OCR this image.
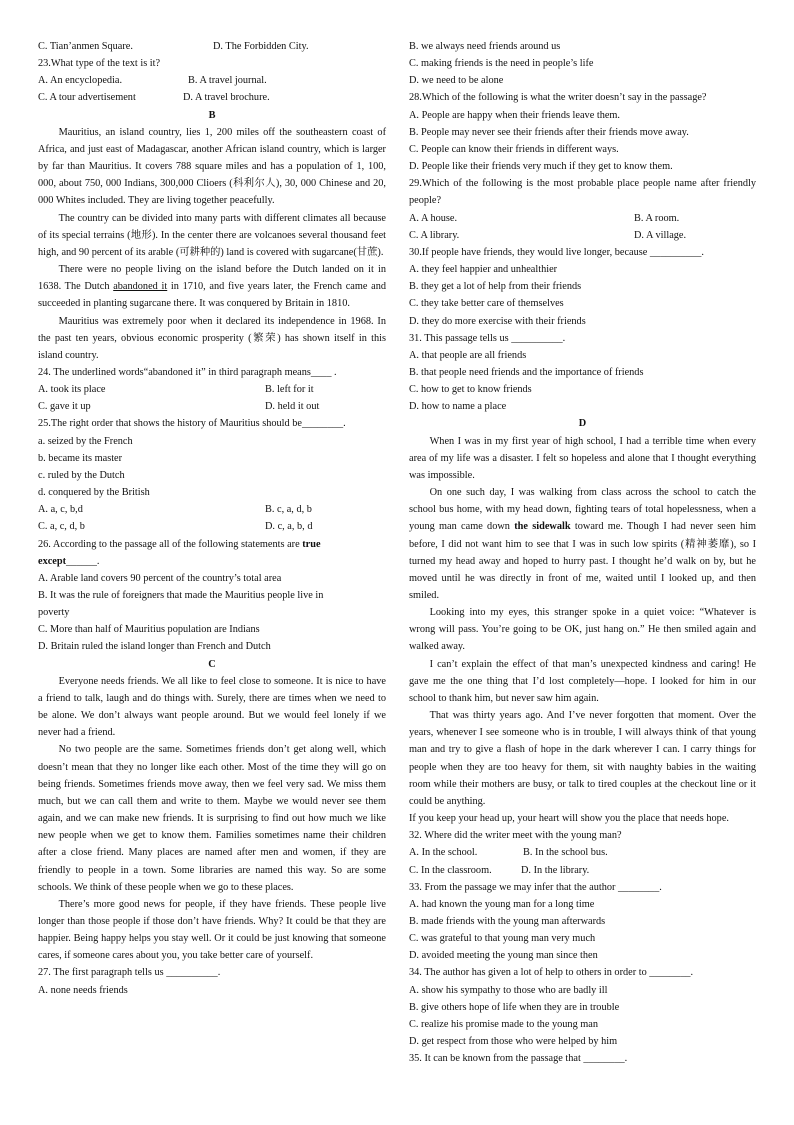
C. Tian’anmen Square.	D. The Forbidden City.
23.What type of the text is it?
A. An encyclopedia.	B. A travel journal.
C. A tour advertisement	D. A travel brochure.
B
Mauritius, an island country, lies 1, 200 miles off the southeastern coast of Africa, and just east of Madagascar, another African island country, which is larger by far than Mauritius. It covers 788 square miles and has a population of 1, 100, 000, about 750, 000 Indians, 300,000 Clioers (科利尔人), 30, 000 Chinese and 20, 000 Whites included. They are living together peacefully.
The country can be divided into many parts with different climates all because of its special terrains (地形). In the center there are volcanoes several thousand feet high, and 90 percent of its arable (可耕种的) land is covered with sugarcane(甘蔗).
There were no people living on the island before the Dutch landed on it in 1638. The Dutch abandoned it in 1710, and five years later, the French came and succeeded in planting sugarcane there. It was conquered by Britain in 1810.
Mauritius was extremely poor when it declared its independence in 1968. In the past ten years, obvious economic prosperity (繁荣) has shown itself in this island country.
24. The underlined words“abandoned it” in third paragraph means____ .
A. took its place	B. left for it
C. gave it up	D. held it out
25.The right order that shows the history of Mauritius should be________.
a. seized by the French
b. became its master
c. ruled by the Dutch
d. conquered by the British
A. a, c, b,d	B. c, a, d, b
C. a, c, d, b	D. c, a, b, d
26. According to the passage all of the following statements are true
except______.
A. Arable land covers 90 percent of the country’s total area
B. It was the rule of foreigners that made the Mauritius people live in
poverty
C. More than half of Mauritius population are Indians
D. Britain ruled the island longer than French and Dutch
C
Everyone needs friends. We all like to feel close to someone. It is nice to have a friend to talk, laugh and do things with. Surely, there are times when we need to be alone. We don’t always want people around. But we would feel lonely if we never had a friend.
No two people are the same. Sometimes friends don’t get along well, which doesn’t mean that they no longer like each other. Most of the time they will go on being friends. Sometimes friends move away, then we feel very sad. We miss them much, but we can call them and write to them. Maybe we would never see them again, and we can make new friends. It is surprising to find out how much we like new people when we get to know them. Families sometimes name their children after a close friend. Many places are named after men and women, if they are friendly to people in a town. Some libraries are named this way. So are some schools. We think of these people when we go to these places.
There’s more good news for people, if they have friends. These people live longer than those people if those don’t have friends. Why? It could be that they are happier. Being happy helps you stay well. Or it could be just knowing that someone cares, if someone cares about you, you take better care of yourself.
27. The first paragraph tells us __________.
A. none needs friends
B. we always need friends around us
C. making friends is the need in people’s life
D. we need to be alone
28.Which of the following is what the writer doesn’t say in the passage?
A. People are happy when their friends leave them.
B. People may never see their friends after their friends move away.
C. People can know their friends in different ways.
D. People like their friends very much if they get to know them.
29.Which of the following is the most probable place people name after friendly people?
A. A house.	B. A room.
C. A library.	D. A village.
30.If people have friends, they would live longer, because __________.
A. they feel happier and unhealthier
B. they get a lot of help from their friends
C. they take better care of themselves
D. they do more exercise with their friends
31. This passage tells us __________.
A. that people are all friends
B. that people need friends and the importance of friends
C. how to get to know friends
D. how to name a place
D
When I was in my first year of high school, I had a terrible time when every area of my life was a disaster. I felt so hopeless and alone that I thought everything was impossible.
On one such day, I was walking from class across the school to catch the school bus home, with my head down, fighting tears of total hopelessness, when a young man came down the sidewalk toward me. Though I had never seen him before, I did not want him to see that I was in such low spirits (精神萎靡), so I turned my head away and hoped to hurry past. I thought he’d walk on by, but he moved until he was directly in front of me, waited until I looked up, and then smiled.
Looking into my eyes, this stranger spoke in a quiet voice: “Whatever is wrong will pass. You’re going to be OK, just hang on.” He then smiled again and walked away.
I can’t explain the effect of that man’s unexpected kindness and caring! He gave me the one thing that I’d lost completely—hope. I looked for him in our school to thank him, but never saw him again.
That was thirty years ago. And I’ve never forgotten that moment. Over the years, whenever I see someone who is in trouble, I will always think of that young man and try to give a flash of hope in the dark wherever I can. I carry things for people when they are too heavy for them, sit with naughty babies in the waiting room while their mothers are busy, or talk to tired couples at the checkout line or it could be anything.
If you keep your head up, your heart will show you the place that needs hope.
32. Where did the writer meet with the young man?
A. In the school.	B. In the school bus.
C. In the classroom.	D. In the library.
33. From the passage we may infer that the author ________.
A. had known the young man for a long time
B. made friends with the young man afterwards
C. was grateful to that young man very much
D. avoided meeting the young man since then
34. The author has given a lot of help to others in order to ________.
A. show his sympathy to those who are badly ill
B. give others hope of life when they are in trouble
C. realize his promise made to the young man
D. get respect from those who were helped by him
35. It can be known from the passage that ________.
